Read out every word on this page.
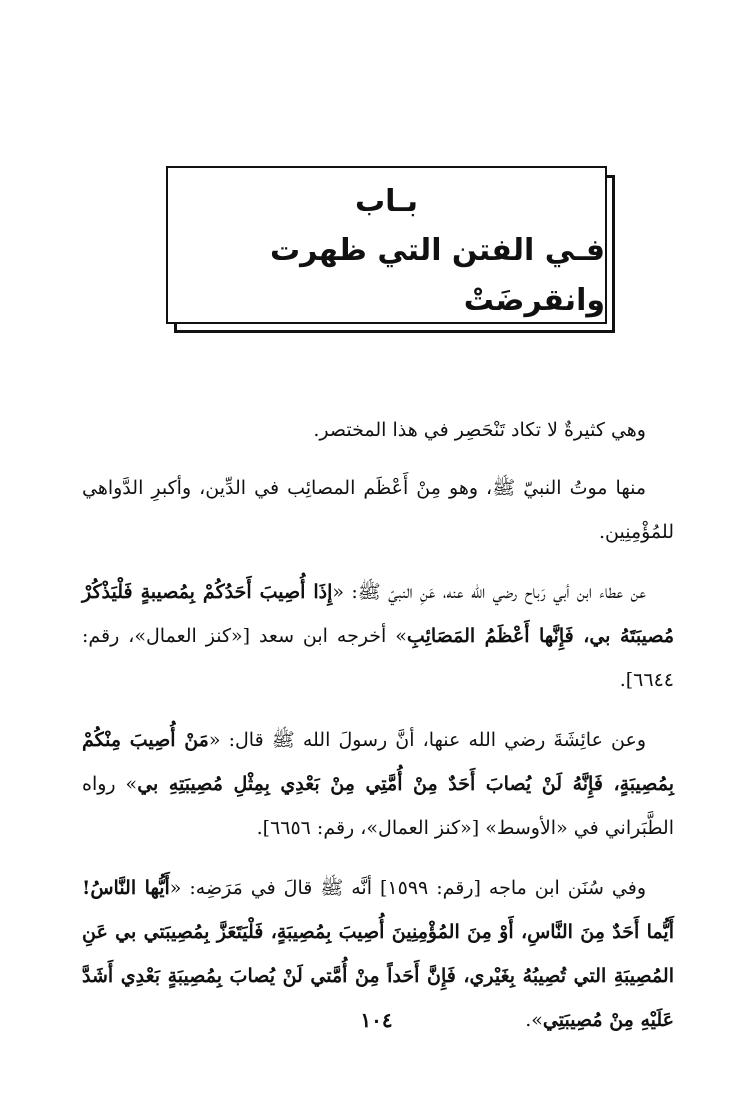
بـاب
فـي الفتن التي ظهرت وانقرضَتْ

وهي كثيرةٌ لا تكاد تَنْحَصِر في هذا المختصر.

منها موتُ النبيّ ﷺ، وهو مِنْ أَعْظَم المصائِب في الدِّين، وأكبرِ الدَّواهي للمُؤْمِنِين.

عن عطاء ابن أبي رَباح رضي الله عنه، عَنِ النبيّ ﷺ: «إِذَا أُصِيبَ أَحَدُكُمْ بِمُصيبةٍ فَلْيَذْكُرْ مُصيبَتَهُ بي، فَإِنَّها أَعْظَمُ المَصَائِبِ» أخرجه ابن سعد [«كنز العمال»، رقم: ٦٦٤٤].

وعن عائِشَةَ رضي الله عنها، أنَّ رسولَ الله ﷺ قال: «مَنْ أُصِيبَ مِنْكُمْ بِمُصِيبَةٍ، فَإِنَّهُ لَنْ يُصابَ أَحَدٌ مِنْ أُمَّتِي مِنْ بَعْدِي بِمِثْلِ مُصِيبَتِهِ بي» رواه الطَّبَراني في «الأوسط» [«كنز العمال»، رقم: ٦٦٥٦].

وفي سُنَن ابن ماجه [رقم: ١٥٩٩] أنَّه ﷺ قالَ في مَرَضِه: «أَيُّها النَّاسُ! أَيُّما أَحَدٌ مِنَ النَّاسِ، أَوْ مِنَ المُؤْمِنِينَ أُصِيبَ بِمُصِيبَةٍ، فَلْيَتَعَزَّ بِمُصِيبَتي بي عَنِ المُصِيبَةِ التي تُصِيبُهُ بِغَيْري، فَإِنَّ أَحَداً مِنْ أُمَّتي لَنْ يُصابَ بِمُصِيبَةٍ بَعْدِي أَشَدَّ عَلَيْهِ مِنْ مُصِيبَتِي».

١٠٤
